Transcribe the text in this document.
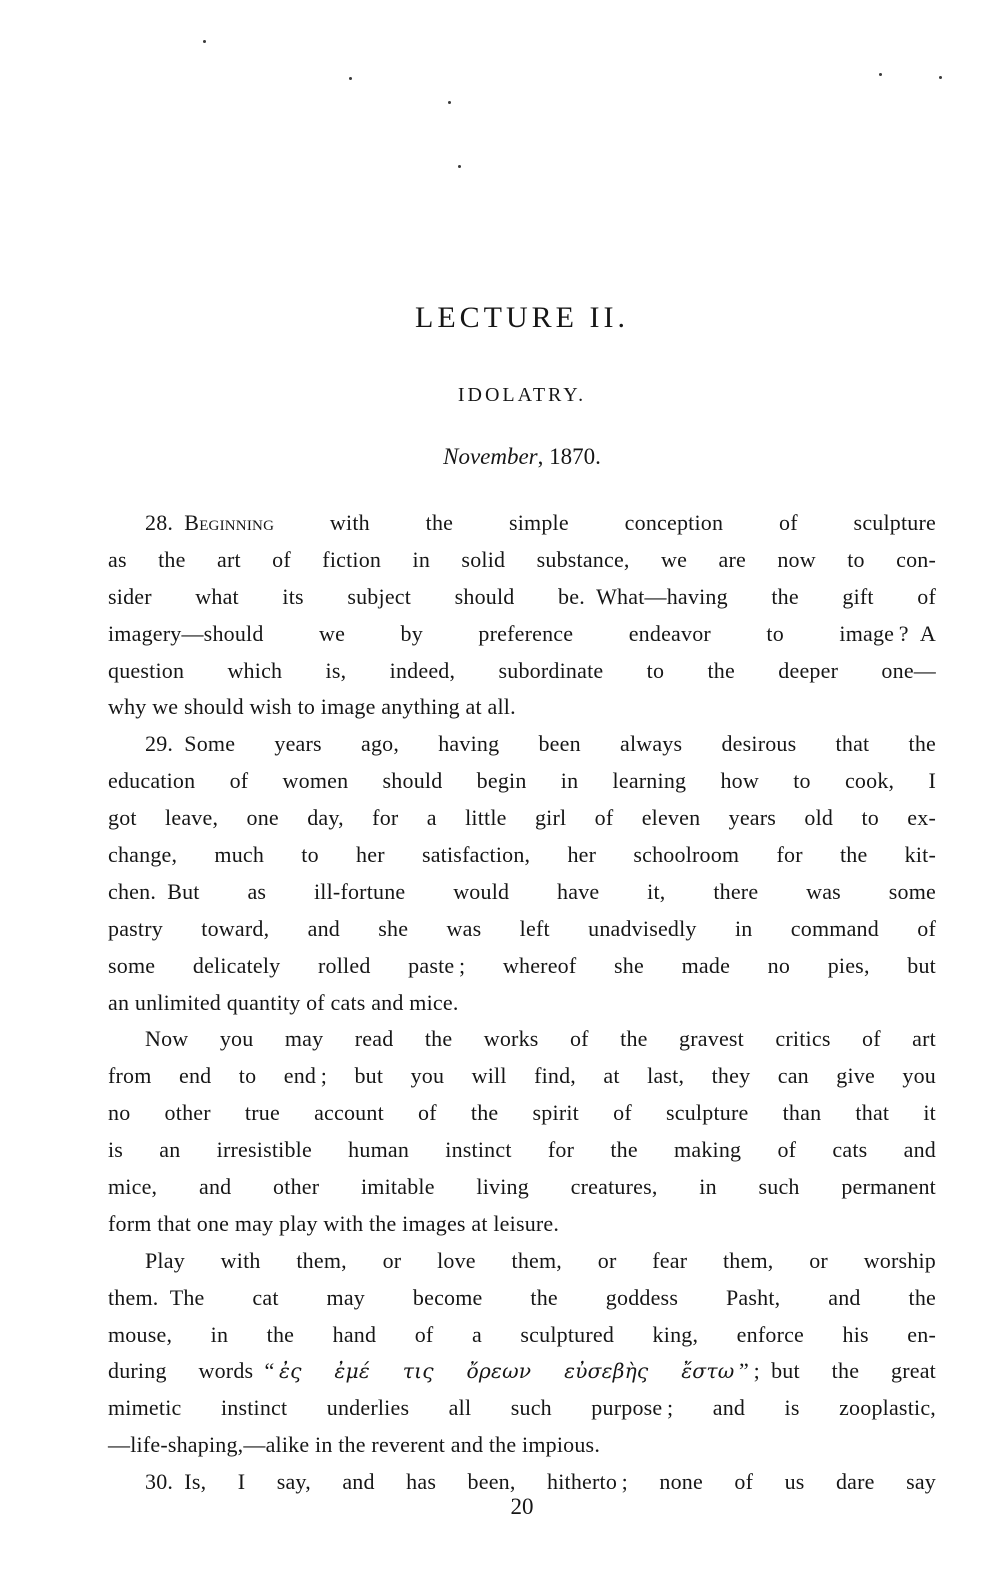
LECTURE II.
IDOLATRY.
November, 1870.
28. Beginning with the simple conception of sculpture
as the art of fiction in solid substance, we are now to con-
sider what its subject should be. What—having the gift of
imagery—should we by preference endeavor to image ? A
question which is, indeed, subordinate to the deeper one—
why we should wish to image anything at all.
29. Some years ago, having been always desirous that the
education of women should begin in learning how to cook, I
got leave, one day, for a little girl of eleven years old to ex-
change, much to her satisfaction, her schoolroom for the kit-
chen. But as ill-fortune would have it, there was some
pastry toward, and she was left unadvisedly in command of
some delicately rolled paste ; whereof she made no pies, but
an unlimited quantity of cats and mice.
Now you may read the works of the gravest critics of art
from end to end ; but you will find, at last, they can give you
no other true account of the spirit of sculpture than that it
is an irresistible human instinct for the making of cats and
mice, and other imitable living creatures, in such permanent
form that one may play with the images at leisure.
Play with them, or love them, or fear them, or worship
them. The cat may become the goddess Pasht, and the
mouse, in the hand of a sculptured king, enforce his en-
during words “ ἐς ἐμέ τις ὄρεων εὐσεβὴς ἔστω ” ; but the great
mimetic instinct underlies all such purpose ; and is zooplastic,
—life-shaping,—alike in the reverent and the impious.
30. Is, I say, and has been, hitherto ; none of us dare say
20
